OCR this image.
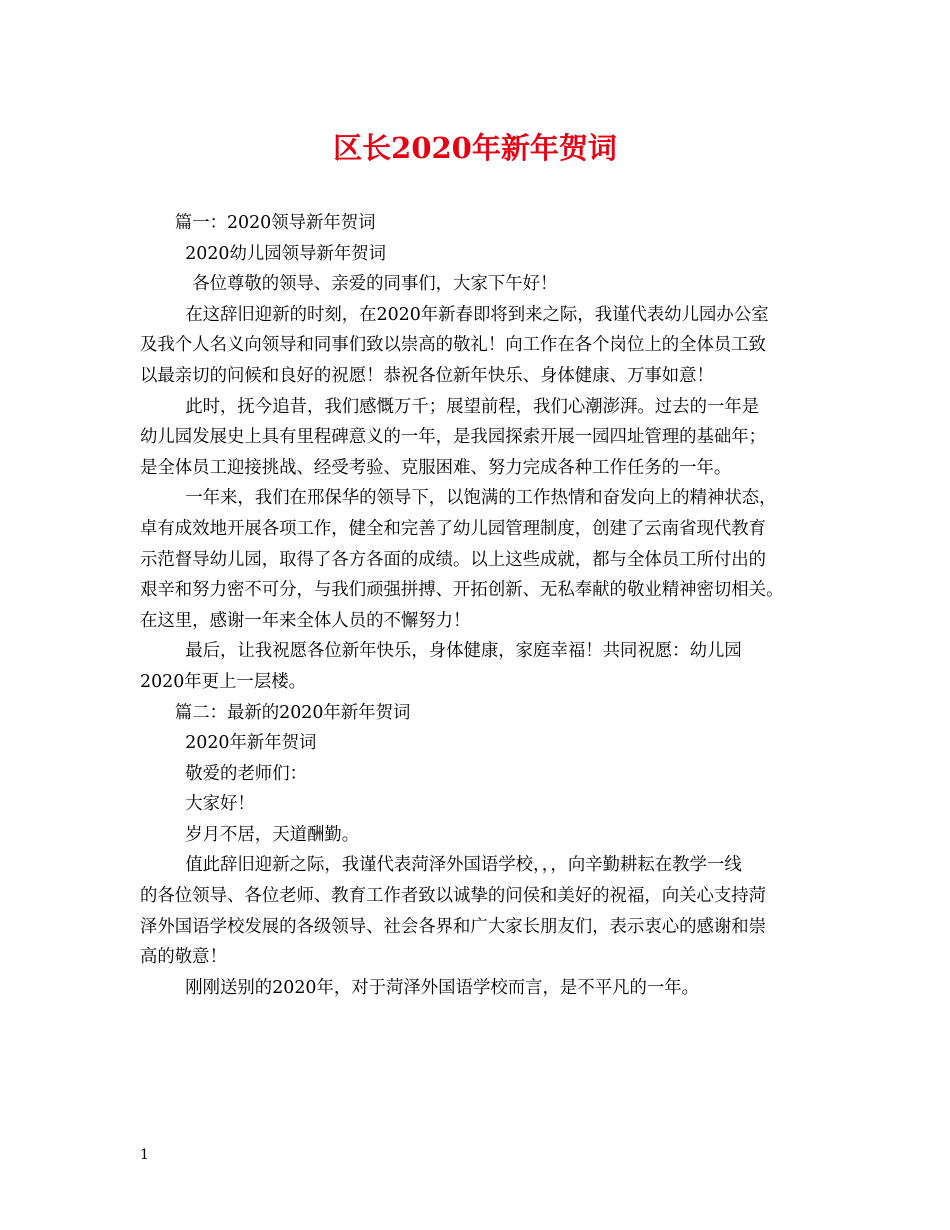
区长2020年新年贺词
篇一：2020领导新年贺词
2020幼儿园领导新年贺词
各位尊敬的领导、亲爱的同事们，大家下午好！
在这辞旧迎新的时刻，在2020年新春即将到来之际，我谨代表幼儿园办公室
及我个人名义向领导和同事们致以崇高的敬礼！向工作在各个岗位上的全体员工致
以最亲切的问候和良好的祝愿！恭祝各位新年快乐、身体健康、万事如意！
此时，抚今追昔，我们感慨万千；展望前程，我们心潮澎湃。过去的一年是
幼儿园发展史上具有里程碑意义的一年，是我园探索开展一园四址管理的基础年；
是全体员工迎接挑战、经受考验、克服困难、努力完成各种工作任务的一年。
一年来，我们在邢保华的领导下，以饱满的工作热情和奋发向上的精神状态，
卓有成效地开展各项工作，健全和完善了幼儿园管理制度，创建了云南省现代教育
示范督导幼儿园，取得了各方各面的成绩。以上这些成就，都与全体员工所付出的
艰辛和努力密不可分，与我们顽强拼搏、开拓创新、无私奉献的敬业精神密切相关。
在这里，感谢一年来全体人员的不懈努力！
最后，让我祝愿各位新年快乐，身体健康，家庭幸福！共同祝愿：幼儿园
2020年更上一层楼。
篇二：最新的2020年新年贺词
2020年新年贺词
敬爱的老师们：
大家好！
岁月不居，天道酬勤。
值此辞旧迎新之际，我谨代表菏泽外国语学校，，，向辛勤耕耘在教学一线
的各位领导、各位老师、教育工作者致以诚挚的问侯和美好的祝福，向关心支持菏
泽外国语学校发展的各级领导、社会各界和广大家长朋友们，表示衷心的感谢和崇
高的敬意！
刚刚送别的2020年，对于菏泽外国语学校而言，是不平凡的一年。
1
